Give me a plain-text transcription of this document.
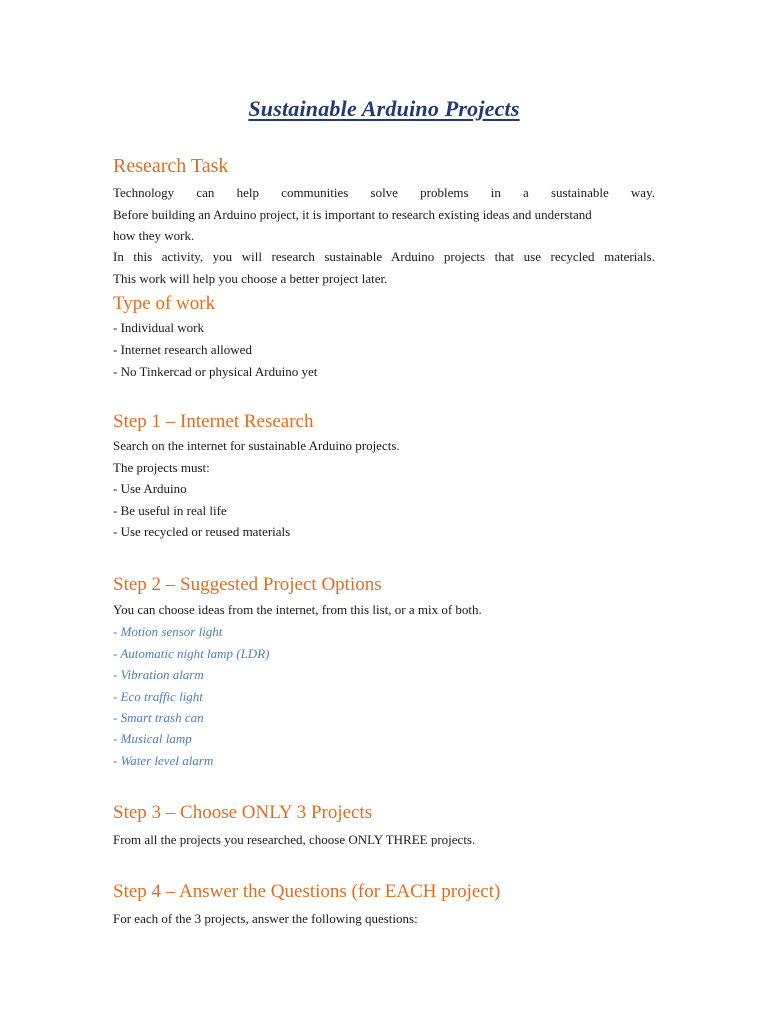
Sustainable Arduino Projects
Research Task
Technology can help communities solve problems in a sustainable way.
Before building an Arduino project, it is important to research existing ideas and understand
how they work.
In this activity, you will research sustainable Arduino projects that use recycled materials.
This work will help you choose a better project later.
Type of work
- Individual work
- Internet research allowed
- No Tinkercad or physical Arduino yet
Step 1 – Internet Research
Search on the internet for sustainable Arduino projects.
The projects must:
- Use Arduino
- Be useful in real life
- Use recycled or reused materials
Step 2 – Suggested Project Options
You can choose ideas from the internet, from this list, or a mix of both.
- Motion sensor light
- Automatic night lamp (LDR)
- Vibration alarm
- Eco traffic light
- Smart trash can
- Musical lamp
- Water level alarm
Step 3 – Choose ONLY 3 Projects
From all the projects you researched, choose ONLY THREE projects.
Step 4 – Answer the Questions (for EACH project)
For each of the 3 projects, answer the following questions:
